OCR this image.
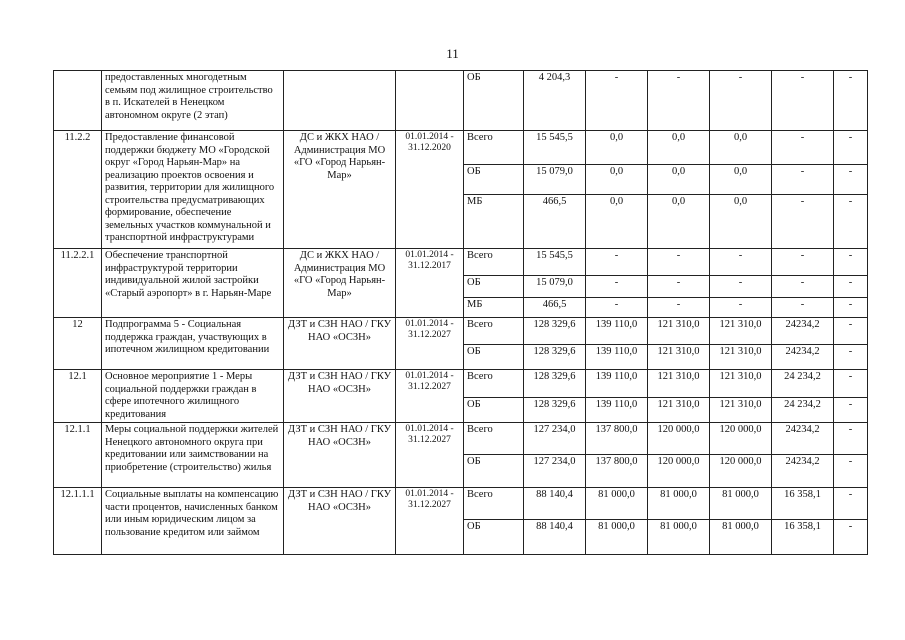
11
	предоставленных многодетным семьям под жилищное строительство в п. Искателей в Ненецком автономном округе (2 этап)			ОБ	4 204,3	-	-	-	-	-
11.2.2	Предоставление финансовой поддержки бюджету МО «Городской округ «Город Нарьян-Мар» на реализацию проектов освоения и развития, территории для жилищного строительства предусматривающих формирование, обеспечение земельных участков коммунальной и транспортной инфраструктурами	ДС и ЖКХ НАО / Администрация МО «ГО «Город Нарьян-Мар»	01.01.2014 - 31.12.2020	Всего	15 545,5	0,0	0,0	0,0	-	-
				ОБ	15 079,0	0,0	0,0	0,0	-	-
				МБ	466,5	0,0	0,0	0,0	-	-
11.2.2.1	Обеспечение транспортной инфраструктурой территории индивидуальной жилой застройки «Старый аэропорт» в г. Нарьян-Маре	ДС и ЖКХ НАО / Администрация МО «ГО «Город Нарьян-Мар»	01.01.2014 - 31.12.2017	Всего	15 545,5	-	-	-	-	-
				ОБ	15 079,0	-	-	-	-	-
				МБ	466,5	-	-	-	-	-
12	Подпрограмма 5 - Социальная поддержка граждан, участвующих в ипотечном жилищном кредитовании	ДЗТ и СЗН НАО / ГКУ НАО «ОСЗН»	01.01.2014 - 31.12.2027	Всего	128 329,6	139 110,0	121 310,0	121 310,0	24234,2	-
				ОБ	128 329,6	139 110,0	121 310,0	121 310,0	24234,2	-
12.1	Основное мероприятие 1 - Меры социальной поддержки граждан в сфере ипотечного жилищного кредитования	ДЗТ и СЗН НАО / ГКУ НАО «ОСЗН»	01.01.2014 - 31.12.2027	Всего	128 329,6	139 110,0	121 310,0	121 310,0	24 234,2	-
				ОБ	128 329,6	139 110,0	121 310,0	121 310,0	24 234,2	-
12.1.1	Меры социальной поддержки жителей Ненецкого автономного округа при кредитовании или заимствовании на приобретение (строительство) жилья	ДЗТ и СЗН НАО / ГКУ НАО «ОСЗН»	01.01.2014 - 31.12.2027	Всего	127 234,0	137 800,0	120 000,0	120 000,0	24234,2	-
				ОБ	127 234,0	137 800,0	120 000,0	120 000,0	24234,2	-
12.1.1.1	Социальные выплаты на компенсацию части процентов, начисленных банком или иным юридическим лицом за пользование кредитом или займом	ДЗТ и СЗН НАО / ГКУ НАО «ОСЗН»	01.01.2014 - 31.12.2027	Всего	88 140,4	81 000,0	81 000,0	81 000,0	16 358,1	-
				ОБ	88 140,4	81 000,0	81 000,0	81 000,0	16 358,1	-
